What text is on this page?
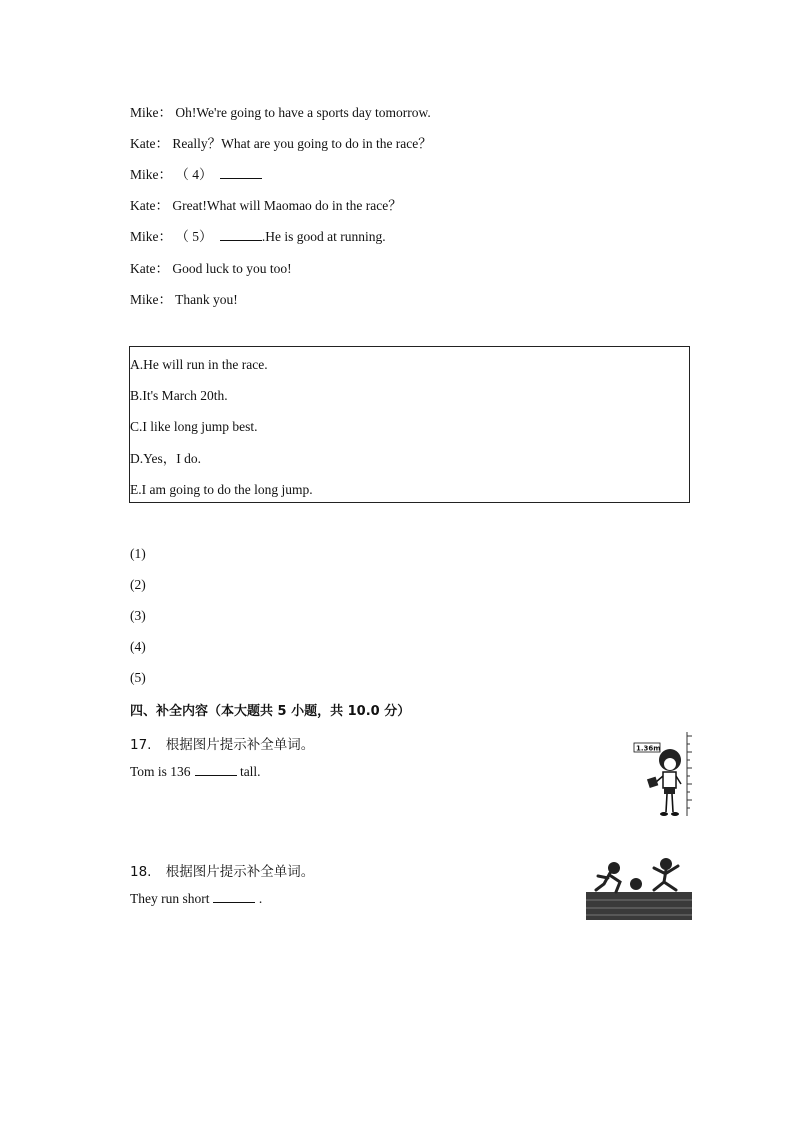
Mike： Oh!We're going to have a sports day tomorrow.
Kate： Really？What are you going to do in the race？
Mike： （ 4）
Kate： Great!What will Maomao do in the race？
Mike： （ 5）	.He is good at running.
Kate： Good luck to you too!
Mike： Thank you!
A.He will run in the race.
B.It's March 20th.
C.I like long jump best.
D.Yes，I do.
E.I am going to do the long jump.
(1)
(2)
(3)
(4)
(5)
四、补全内容（本大题共 5 小题，共 10.0 分）
17. 根据图片提示补全单词。
Tom is 136	tall.
1.36m
18. 根据图片提示补全单词。
They run short	.
